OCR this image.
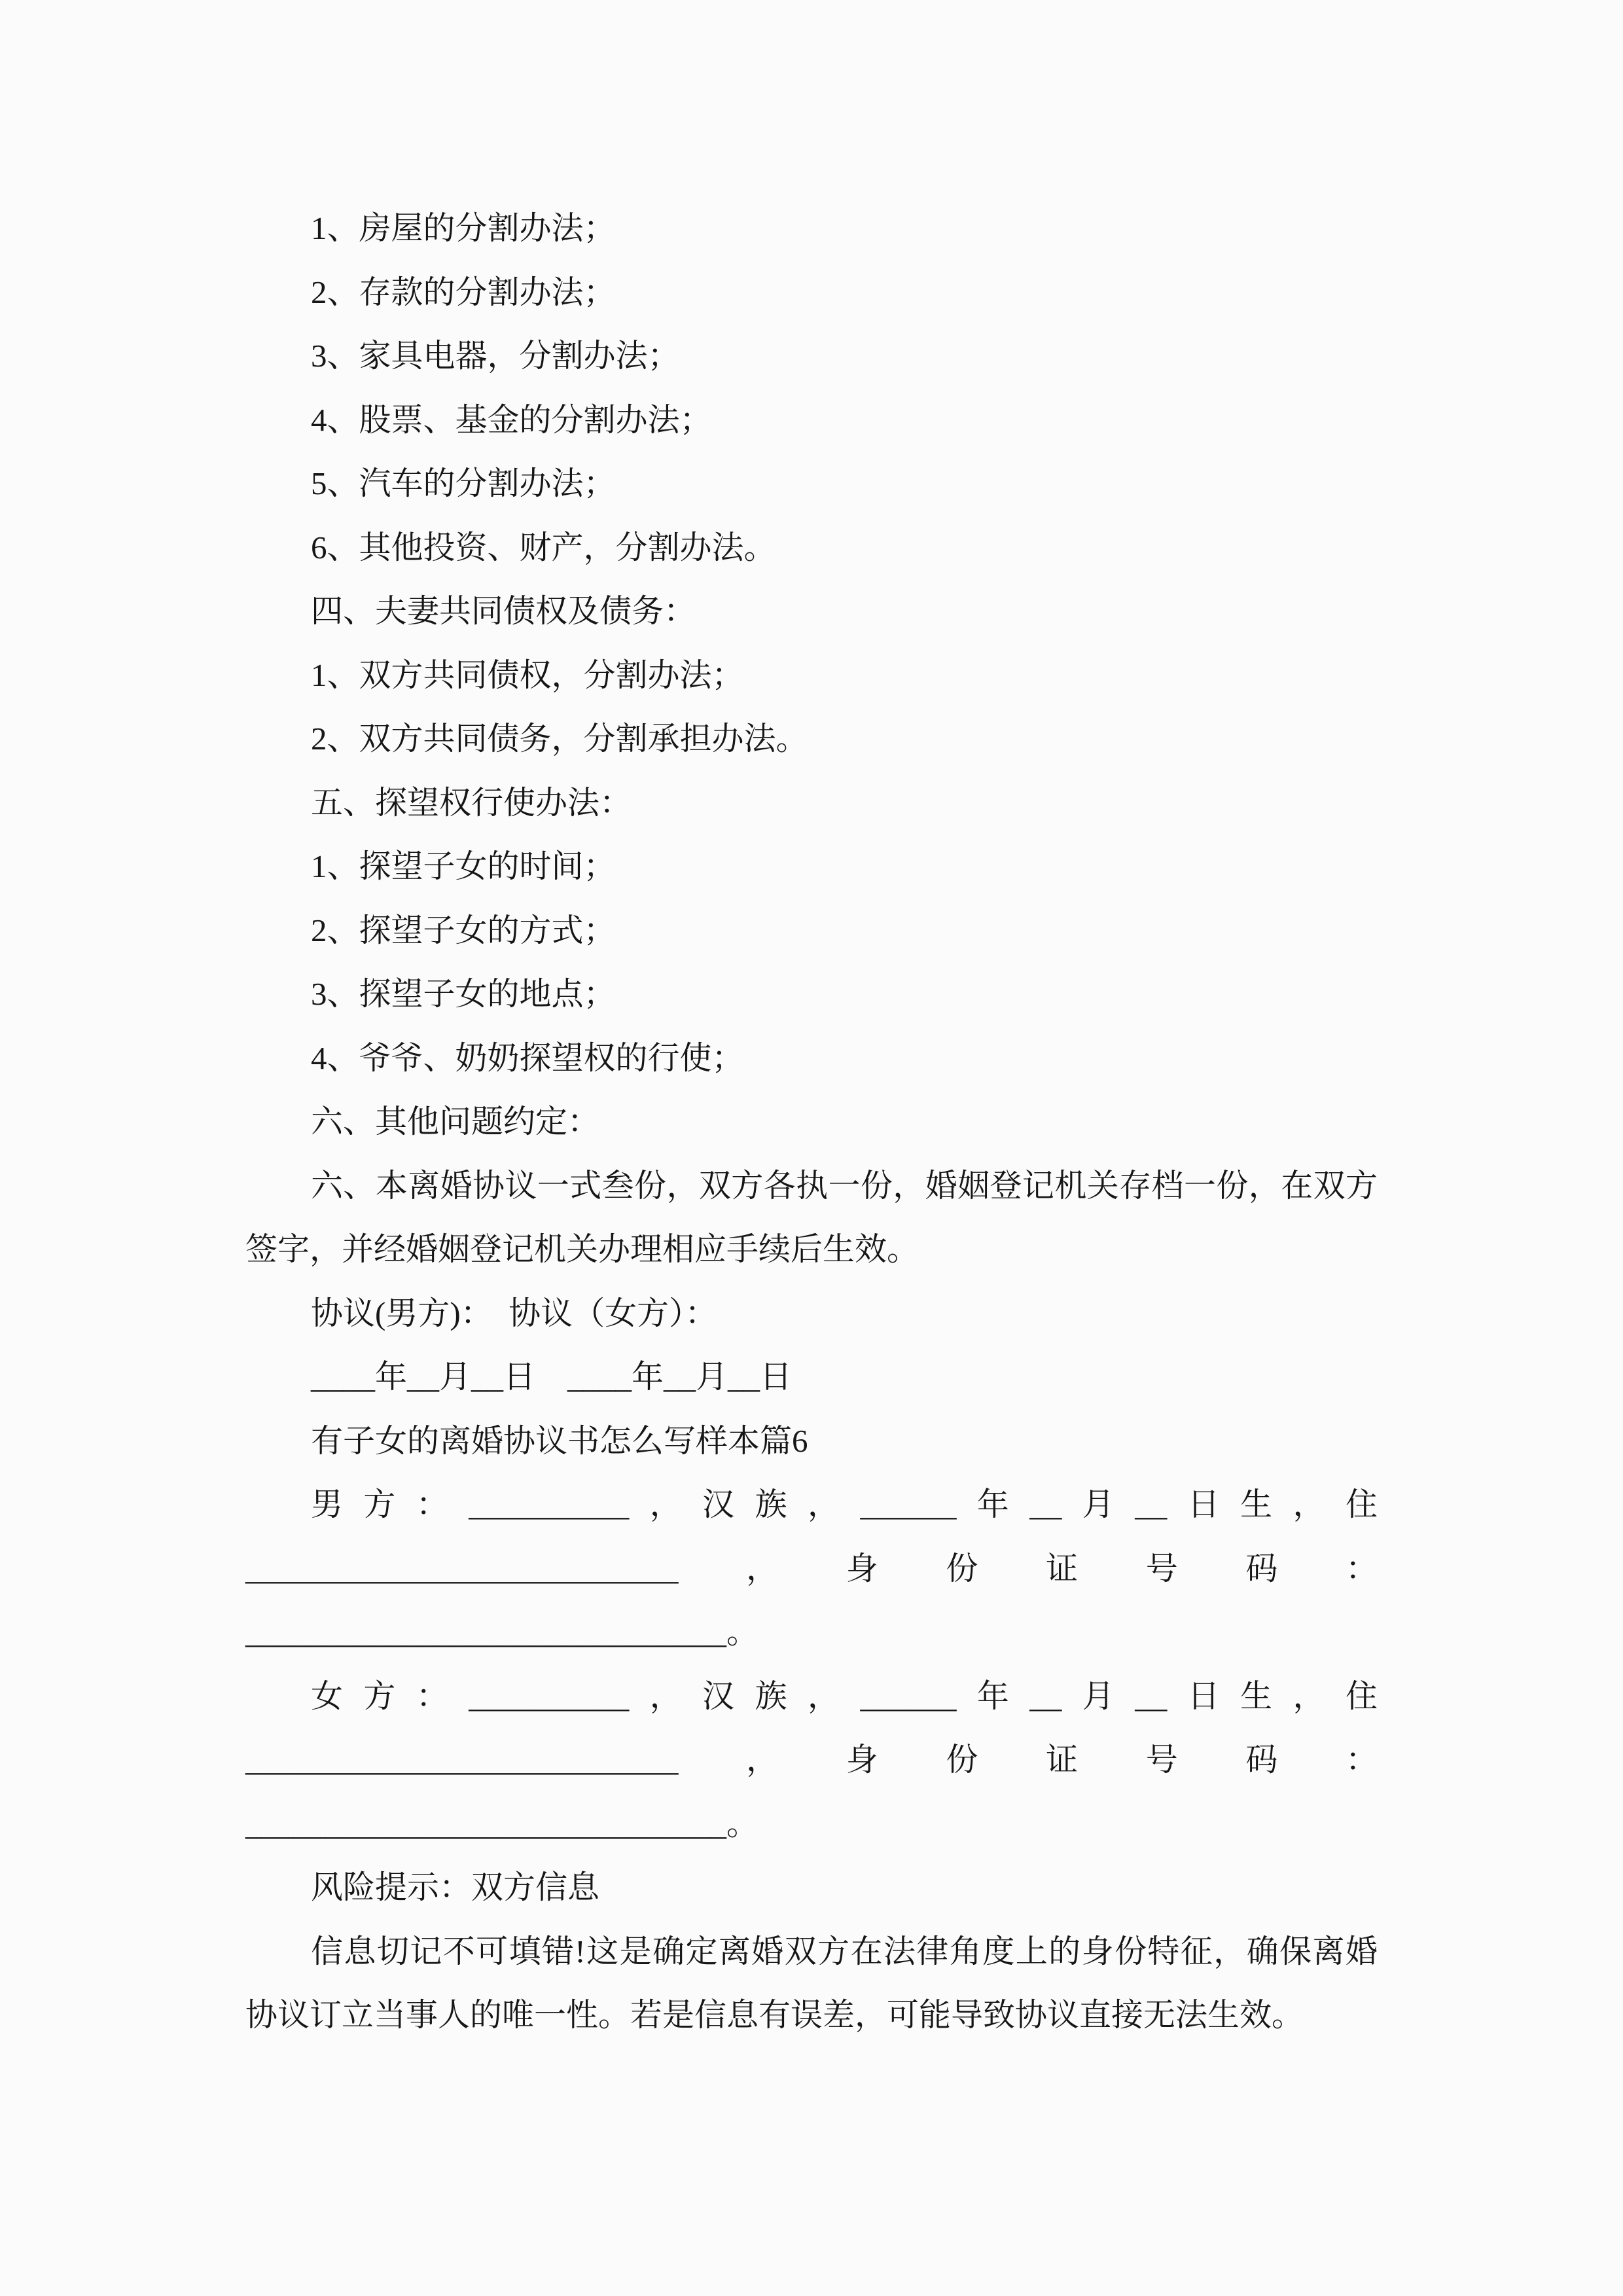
1、房屋的分割办法；
2、存款的分割办法；
3、家具电器，分割办法；
4、股票、基金的分割办法；
5、汽车的分割办法；
6、其他投资、财产，分割办法。
四、夫妻共同债权及债务：
1、双方共同债权，分割办法；
2、双方共同债务，分割承担办法。
五、探望权行使办法：
1、探望子女的时间；
2、探望子女的方式；
3、探望子女的地点；
4、爷爷、奶奶探望权的行使；
六、其他问题约定：
六、本离婚协议一式叁份，双方各执一份，婚姻登记机关存档一份，在双方
签字，并经婚姻登记机关办理相应手续后生效。
协议(男方)：　协议（女方）：
____年__月__日　____年__月__日
有子女的离婚协议书怎么写样本篇6
男方：__________，汉族，______年__月__日生，住
___________________________，身份证号码：
______________________________。
女方：__________，汉族，______年__月__日生，住
___________________________，身份证号码：
______________________________。
风险提示：双方信息
信息切记不可填错!这是确定离婚双方在法律角度上的身份特征，确保离婚
协议订立当事人的唯一性。若是信息有误差，可能导致协议直接无法生效。
